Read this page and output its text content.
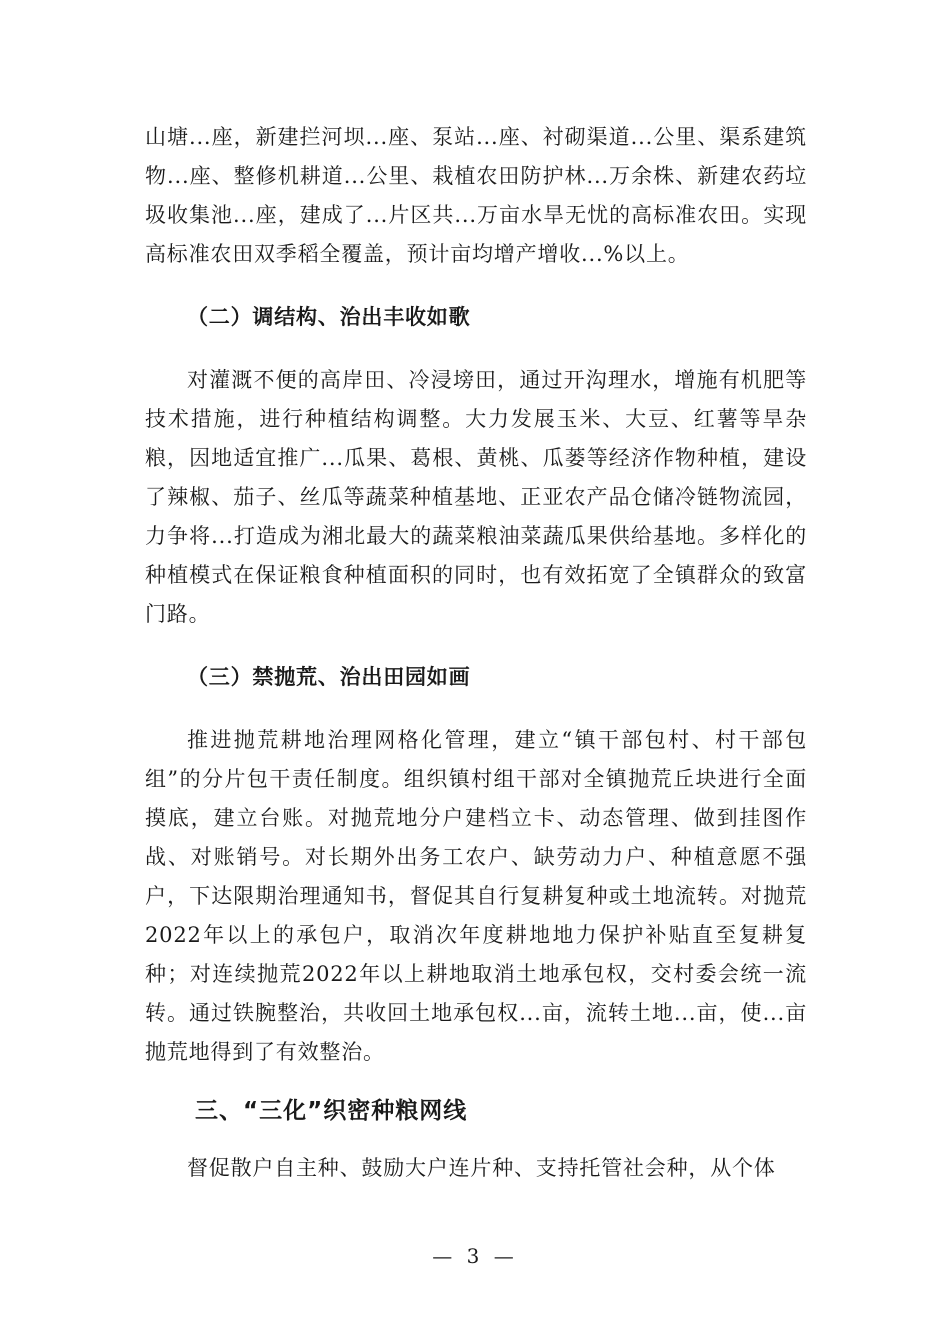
山塘...座，新建拦河坝...座、泵站...座、衬砌渠道...公里、渠系建筑物...座、整修机耕道...公里、栽植农田防护林...万余株、新建农药垃圾收集池...座，建成了...片区共...万亩水旱无忧的高标准农田。实现高标准农田双季稻全覆盖，预计亩均增产增收...%以上。

（二）调结构、治出丰收如歌

对灌溉不便的高岸田、冷浸塝田，通过开沟理水，增施有机肥等技术措施，进行种植结构调整。大力发展玉米、大豆、红薯等旱杂粮，因地适宜推广...瓜果、葛根、黄桃、瓜蒌等经济作物种植，建设了辣椒、茄子、丝瓜等蔬菜种植基地、正亚农产品仓储冷链物流园，力争将...打造成为湘北最大的蔬菜粮油菜蔬瓜果供给基地。多样化的种植模式在保证粮食种植面积的同时，也有效拓宽了全镇群众的致富门路。

（三）禁抛荒、治出田园如画

推进抛荒耕地治理网格化管理，建立“镇干部包村、村干部包组”的分片包干责任制度。组织镇村组干部对全镇抛荒丘块进行全面摸底，建立台账。对抛荒地分户建档立卡、动态管理、做到挂图作战、对账销号。对长期外出务工农户、缺劳动力户、种植意愿不强户，下达限期治理通知书，督促其自行复耕复种或土地流转。对抛荒2022年以上的承包户，取消次年度耕地地力保护补贴直至复耕复种；对连续抛荒2022年以上耕地取消土地承包权，交村委会统一流转。通过铁腕整治，共收回土地承包权...亩，流转土地...亩，使...亩抛荒地得到了有效整治。

三、“三化”织密种粮网线

督促散户自主种、鼓励大户连片种、支持托管社会种，从个体

— 3 —
